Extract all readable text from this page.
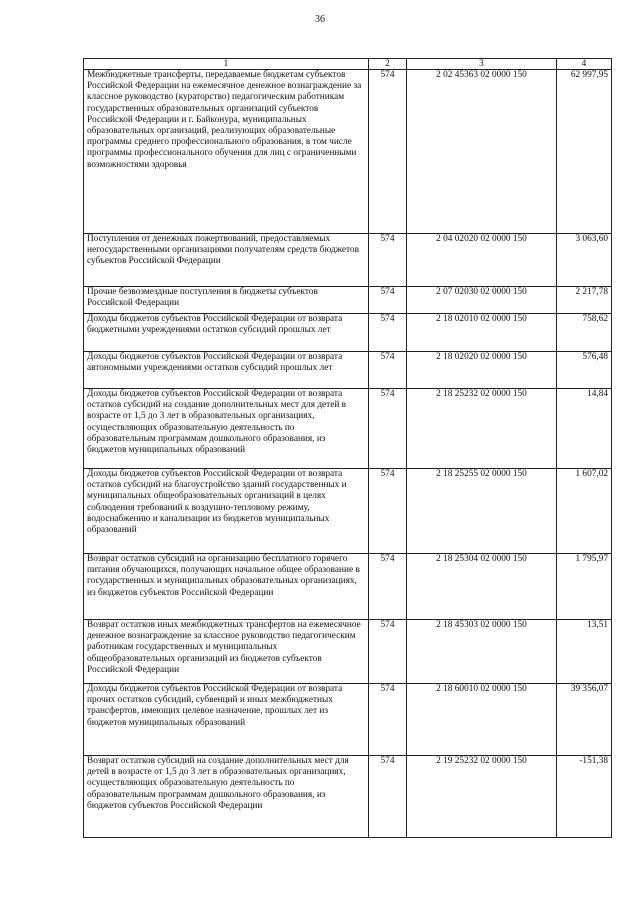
36
1	2	3	4
Межбюджетные трансферты, передаваемые бюджетам субъектов Российской Федерации на ежемесячное денежное вознаграждение за классное руководство (кураторство) педагогическим работникам государственных образовательных организаций субъектов Российской Федерации и г. Байконура, муниципальных образовательных организаций, реализующих образовательные программы среднего профессионального образования, в том числе программы профессионального обучения для лиц с ограниченными возможностями здоровья	574	2 02 45363 02 0000 150	62 997,95
Поступления от денежных пожертвований, предоставляемых негосударственными организациями получателям средств бюджетов субъектов Российской Федерации	574	2 04 02020 02 0000 150	3 063,60
Прочие безвозмездные поступления в бюджеты субъектов Российской Федерации	574	2 07 02030 02 0000 150	2 217,78
Доходы бюджетов субъектов Российской Федерации от возврата бюджетными учреждениями остатков субсидий прошлых лет	574	2 18 02010 02 0000 150	758,62
Доходы бюджетов субъектов Российской Федерации от возврата автономными учреждениями остатков субсидий прошлых лет	574	2 18 02020 02 0000 150	576,48
Доходы бюджетов субъектов Российской Федерации от возврата остатков субсидий на создание дополнительных мест для детей в возрасте от 1,5 до 3 лет в образовательных организациях, осуществляющих образовательную деятельность по образовательным программам дошкольного образования, из бюджетов муниципальных образований	574	2 18 25232 02 0000 150	14,84
Доходы бюджетов субъектов Российской Федерации от возврата остатков субсидий на благоустройство зданий государственных и муниципальных общеобразовательных организаций в целях соблюдения требований к воздушно-тепловому режиму, водоснабжению и канализации из бюджетов муниципальных образований	574	2 18 25255 02 0000 150	1 607,02
Возврат остатков субсидий на организацию бесплатного горячего питания обучающихся, получающих начальное общее образование в государственных и муниципальных образовательных организациях, из бюджетов субъектов Российской Федерации	574	2 18 25304 02 0000 150	1 795,97
Возврат остатков иных межбюджетных трансфертов на ежемесячное денежное вознаграждение за классное руководство педагогическим работникам государственных и муниципальных общеобразовательных организаций из бюджетов субъектов Российской Федерации	574	2 18 45303 02 0000 150	13,51
Доходы бюджетов субъектов Российской Федерации от возврата прочих остатков субсидий, субвенций и иных межбюджетных трансфертов, имеющих целевое назначение, прошлых лет из бюджетов муниципальных образований	574	2 18 60010 02 0000 150	39 356,07
Возврат остатков субсидий на создание дополнительных мест для детей в возрасте от 1,5 до 3 лет в образовательных организациях, осуществляющих образовательную деятельность по образовательным программам дошкольного образования, из бюджетов субъектов Российской Федерации	574	2 19 25232 02 0000 150	-151,38
